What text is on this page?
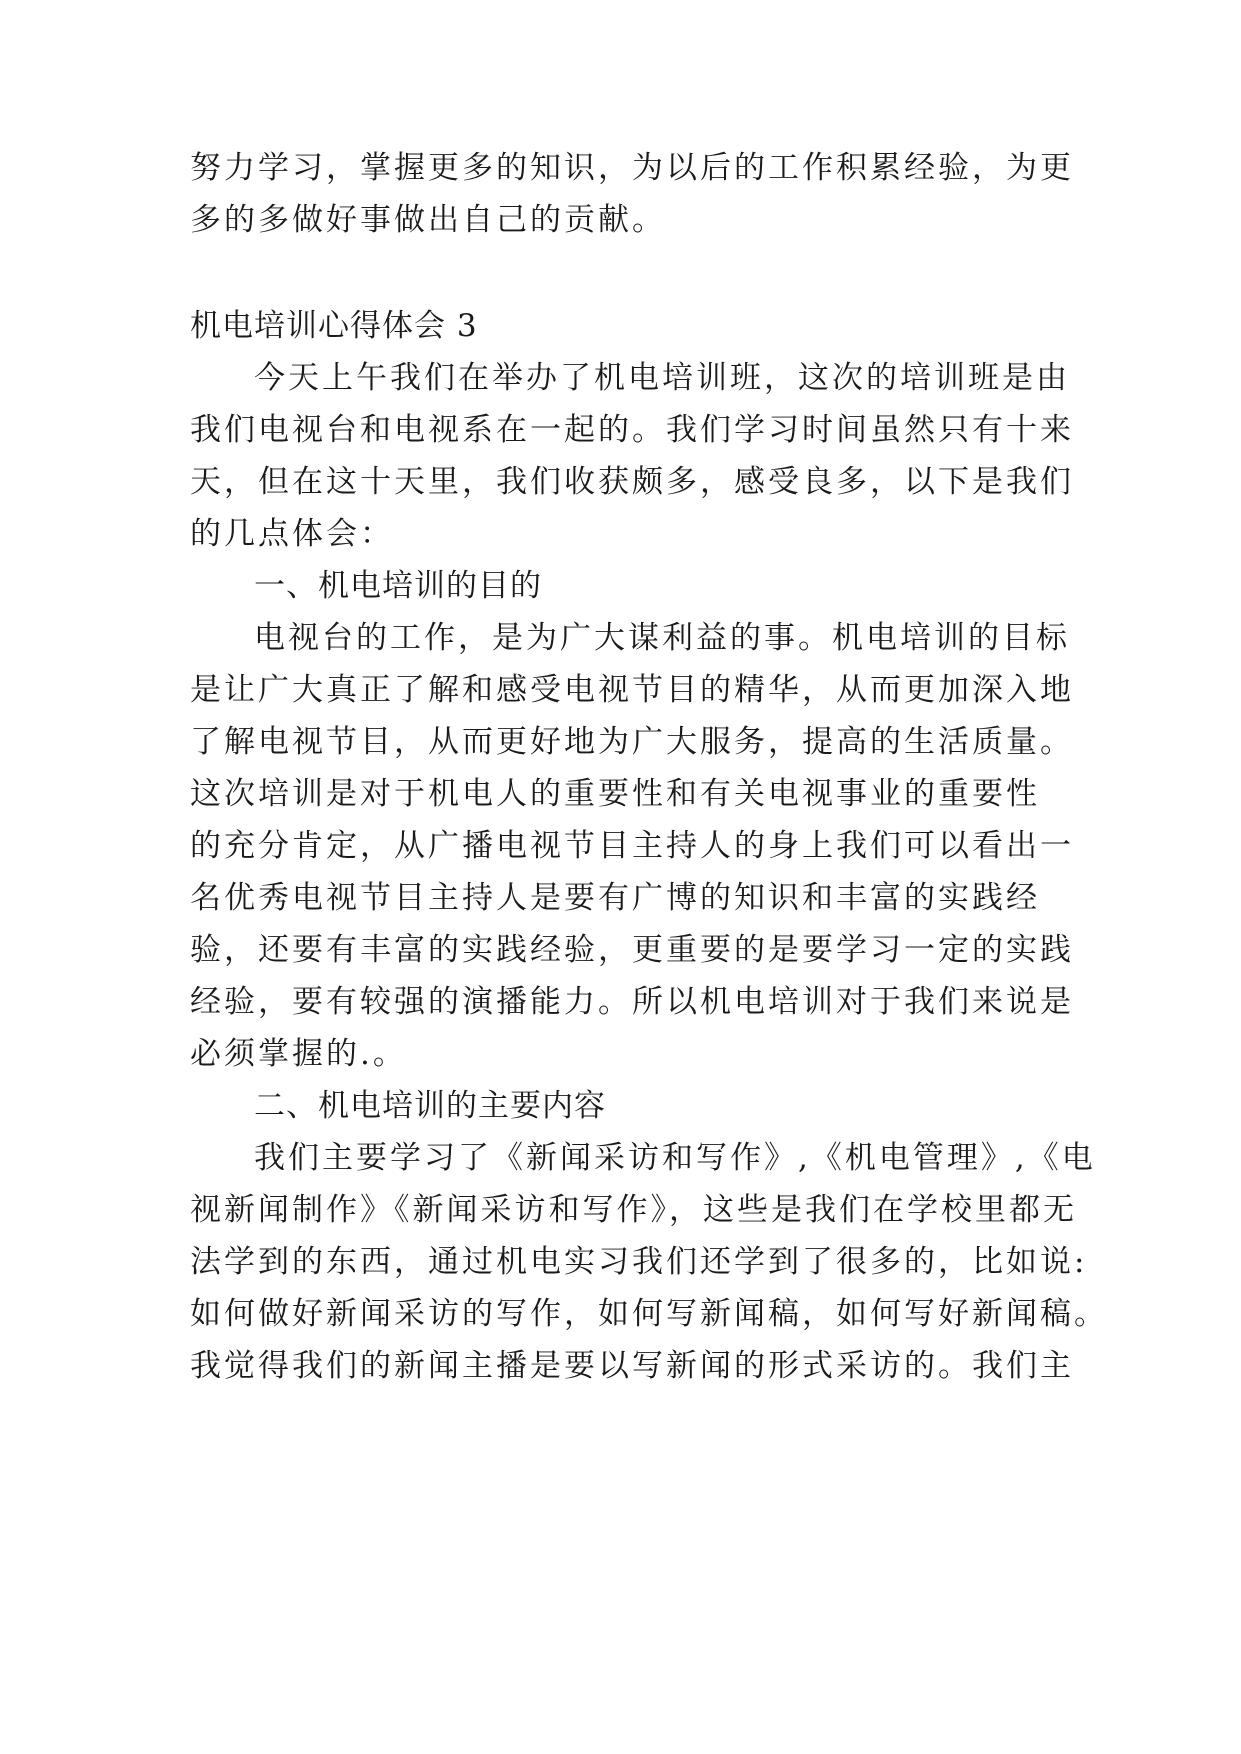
努力学习，掌握更多的知识，为以后的工作积累经验，为更
多的多做好事做出自己的贡献。
机电培训心得体会 3
今天上午我们在举办了机电培训班，这次的培训班是由
我们电视台和电视系在一起的。我们学习时间虽然只有十来
天，但在这十天里，我们收获颇多，感受良多，以下是我们
的几点体会：
一、机电培训的目的
电视台的工作，是为广大谋利益的事。机电培训的目标
是让广大真正了解和感受电视节目的精华，从而更加深入地
了解电视节目，从而更好地为广大服务，提高的生活质量。
这次培训是对于机电人的重要性和有关电视事业的重要性
的充分肯定，从广播电视节目主持人的身上我们可以看出一
名优秀电视节目主持人是要有广博的知识和丰富的实践经
验，还要有丰富的实践经验，更重要的是要学习一定的实践
经验，要有较强的演播能力。所以机电培训对于我们来说是
必须掌握的.。
二、机电培训的主要内容
我们主要学习了《新闻采访和写作》,《机电管理》,《电
视新闻制作》《新闻采访和写作》，这些是我们在学校里都无
法学到的东西，通过机电实习我们还学到了很多的，比如说:
如何做好新闻采访的写作，如何写新闻稿，如何写好新闻稿。
我觉得我们的新闻主播是要以写新闻的形式采访的。我们主
